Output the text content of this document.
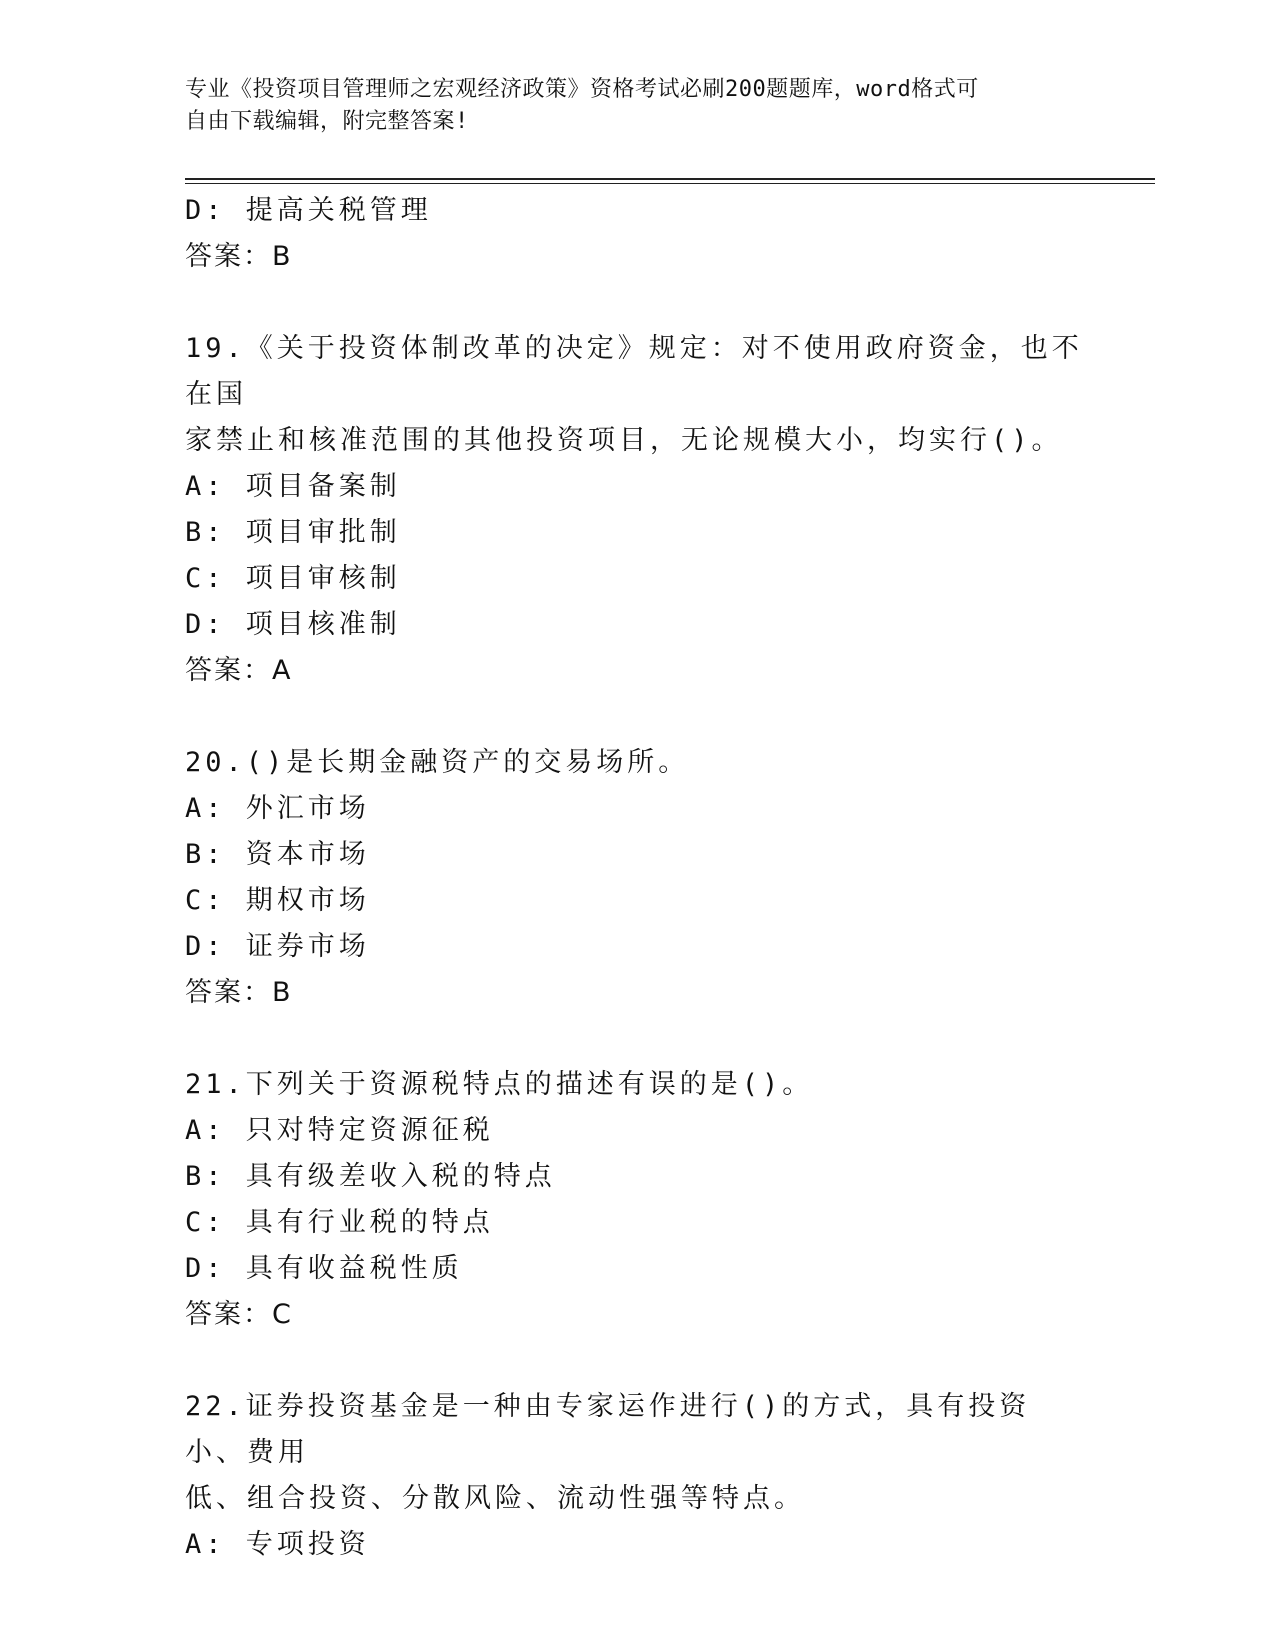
专业《投资项目管理师之宏观经济政策》资格考试必刷200题题库，word格式可
自由下载编辑，附完整答案!
D: 提高关税管理
答案：B
19.《关于投资体制改革的决定》规定：对不使用政府资金，也不在国
家禁止和核准范围的其他投资项目，无论规模大小，均实行()。
A: 项目备案制
B: 项目审批制
C: 项目审核制
D: 项目核准制
答案：A
20.()是长期金融资产的交易场所。
A: 外汇市场
B: 资本市场
C: 期权市场
D: 证券市场
答案：B
21.下列关于资源税特点的描述有误的是()。
A: 只对特定资源征税
B: 具有级差收入税的特点
C: 具有行业税的特点
D: 具有收益税性质
答案：C
22.证券投资基金是一种由专家运作进行()的方式，具有投资小、费用
低、组合投资、分散风险、流动性强等特点。
A: 专项投资
